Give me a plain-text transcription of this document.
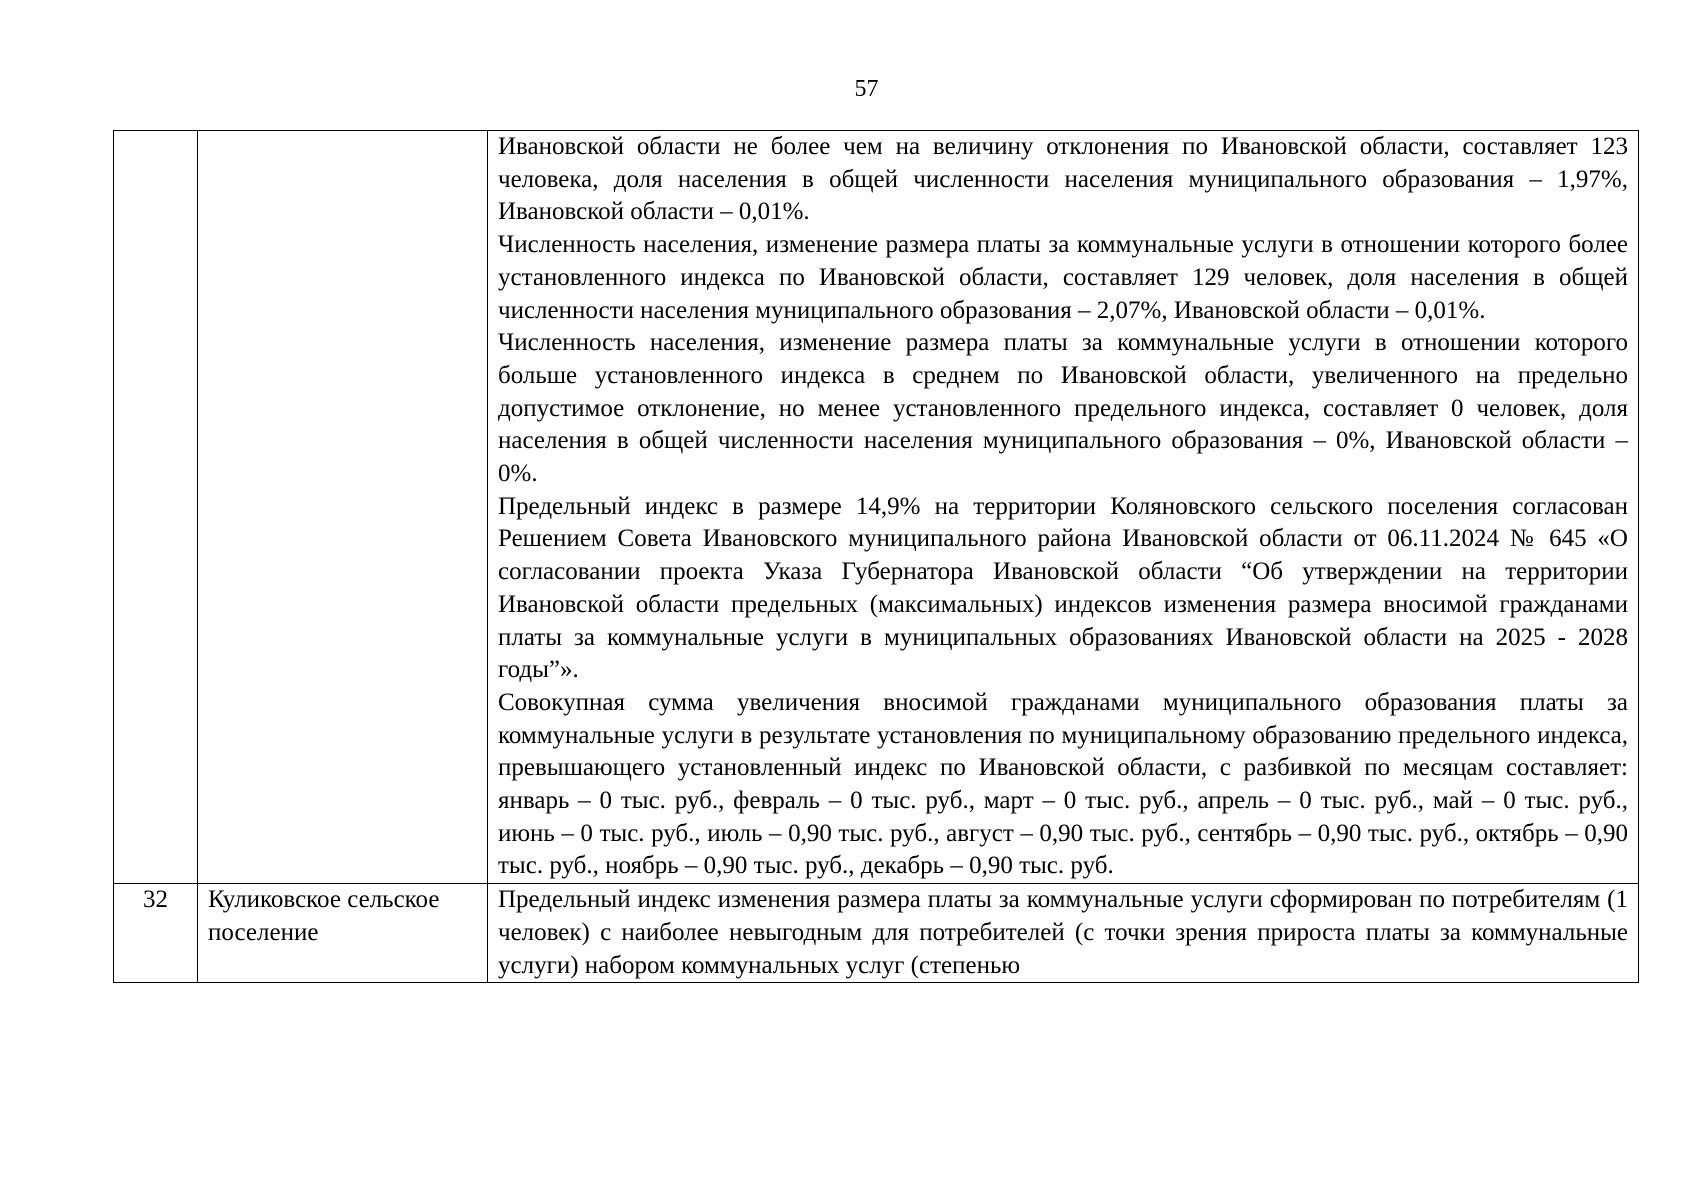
57

		Ивановской области не более чем на величину отклонения по Ивановской области, составляет 123 человека, доля населения в общей численности населения муниципального образования – 1,97%, Ивановской области – 0,01%.
Численность населения, изменение размера платы за коммунальные услуги в отношении которого более установленного индекса по Ивановской области, составляет 129 человек, доля населения в общей численности населения муниципального образования – 2,07%, Ивановской области – 0,01%.
Численность населения, изменение размера платы за коммунальные услуги в отношении которого больше установленного индекса в среднем по Ивановской области, увеличенного на предельно допустимое отклонение, но менее установленного предельного индекса, составляет 0 человек, доля населения в общей численности населения муниципального образования – 0%, Ивановской области – 0%.
Предельный индекс в размере 14,9% на территории Коляновского сельского поселения согласован Решением Совета Ивановского муниципального района Ивановской области от 06.11.2024 № 645 «О согласовании проекта Указа Губернатора Ивановской области “Об утверждении на территории Ивановской области предельных (максимальных) индексов изменения размера вносимой гражданами платы за коммунальные услуги в муниципальных образованиях Ивановской области на 2025 - 2028 годы”».
Совокупная сумма увеличения вносимой гражданами муниципального образования платы за коммунальные услуги в результате установления по муниципальному образованию предельного индекса, превышающего установленный индекс по Ивановской области, с разбивкой по месяцам составляет: январь – 0 тыс. руб., февраль – 0 тыс. руб., март – 0 тыс. руб., апрель – 0 тыс. руб., май – 0 тыс. руб., июнь – 0 тыс. руб., июль – 0,90 тыс. руб., август – 0,90 тыс. руб., сентябрь – 0,90 тыс. руб., октябрь – 0,90 тыс. руб., ноябрь – 0,90 тыс. руб., декабрь – 0,90 тыс. руб.

32	Куликовское сельское поселение	Предельный индекс изменения размера платы за коммунальные услуги сформирован по потребителям (1 человек) с наиболее невыгодным для потребителей (с точки зрения прироста платы за коммунальные услуги) набором коммунальных услуг (степенью
